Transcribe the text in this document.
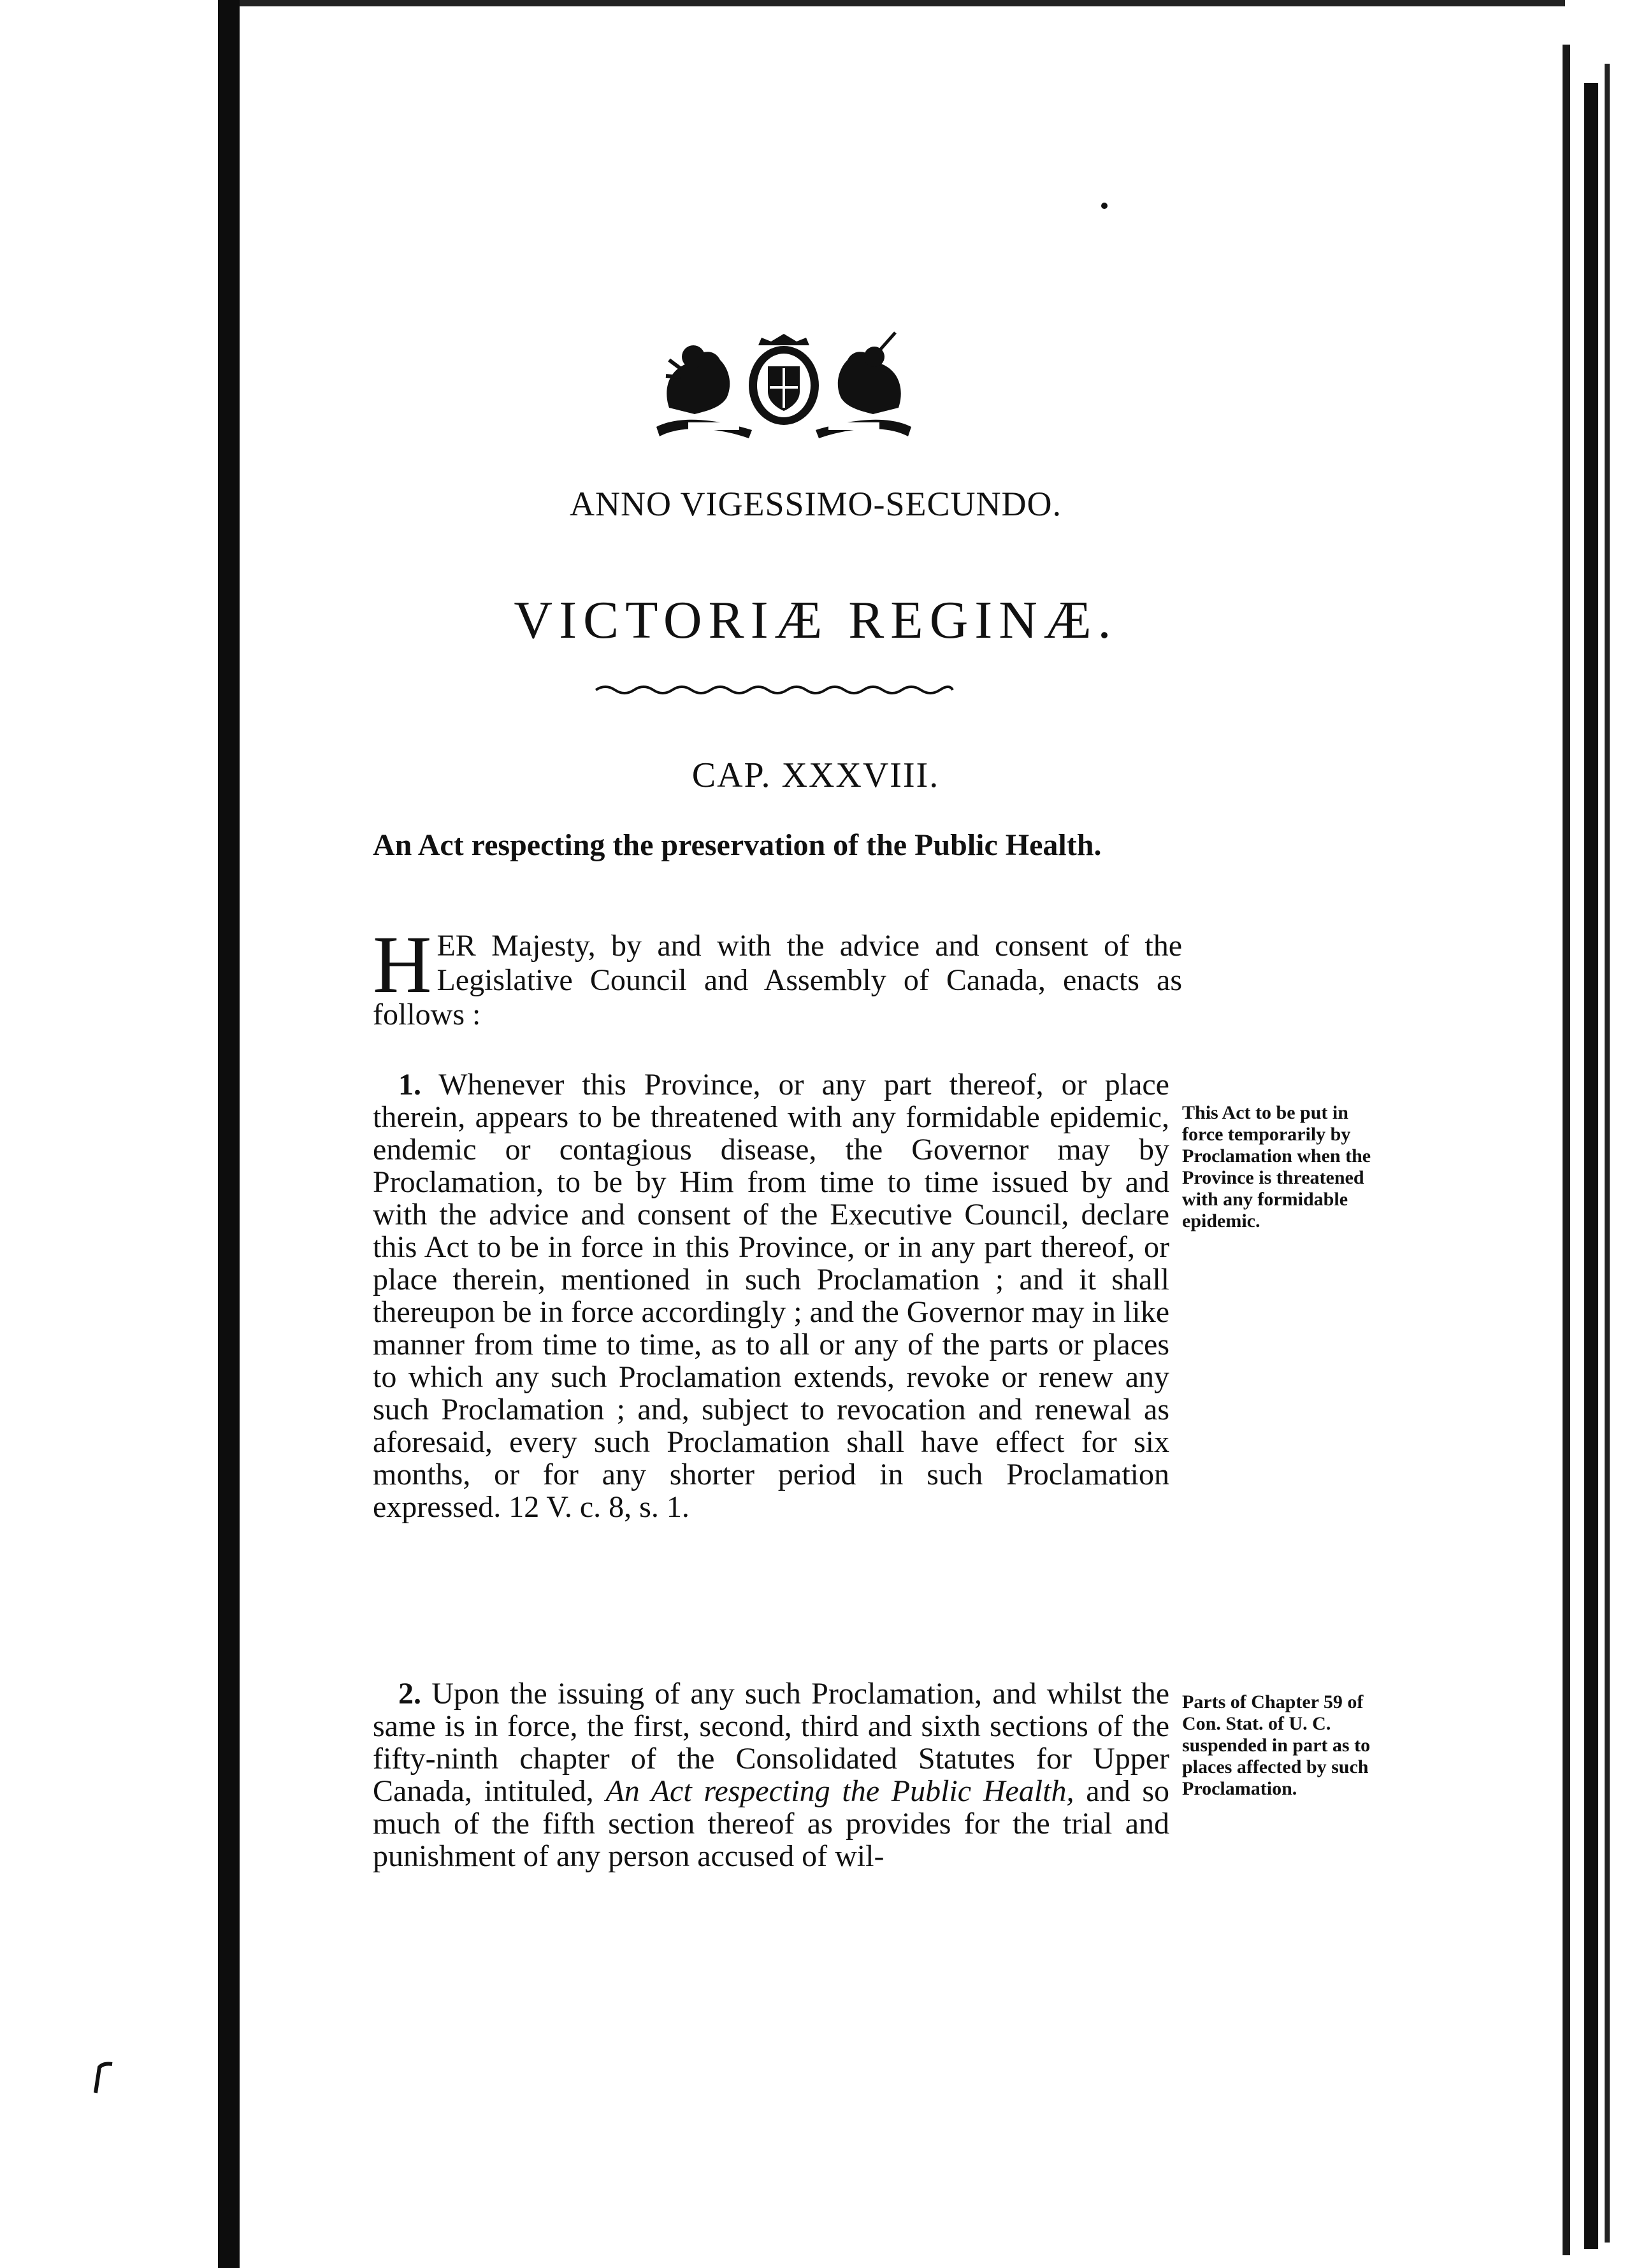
ANNO VIGESSIMO-SECUNDO.
VICTORIÆ REGINÆ.
CAP. XXXVIII.
An Act respecting the preservation of the Public Health.
HER Majesty, by and with the advice and consent of the Legislative Council and Assembly of Canada, enacts as follows :
1. Whenever this Province, or any part thereof, or place therein, appears to be threatened with any formidable epidemic, endemic or contagious disease, the Governor may by Proclamation, to be by Him from time to time issued by and with the advice and consent of the Executive Council, declare this Act to be in force in this Province, or in any part thereof, or place therein, mentioned in such Proclamation ; and it shall thereupon be in force accordingly ; and the Governor may in like manner from time to time, as to all or any of the parts or places to which any such Proclamation extends, revoke or renew any such Proclamation ; and, subject to revocation and renewal as aforesaid, every such Proclamation shall have effect for six months, or for any shorter period in such Proclamation expressed. 12 V. c. 8, s. 1.
This Act to be put in force temporarily by Proclamation when the Province is threatened with any formidable epidemic.
2. Upon the issuing of any such Proclamation, and whilst the same is in force, the first, second, third and sixth sections of the fifty-ninth chapter of the Consolidated Statutes for Upper Canada, intituled, An Act respecting the Public Health, and so much of the fifth section thereof as provides for the trial and punishment of any person accused of wil-
Parts of Chapter 59 of Con. Stat. of U. C. suspended in part as to places affected by such Proclamation.
